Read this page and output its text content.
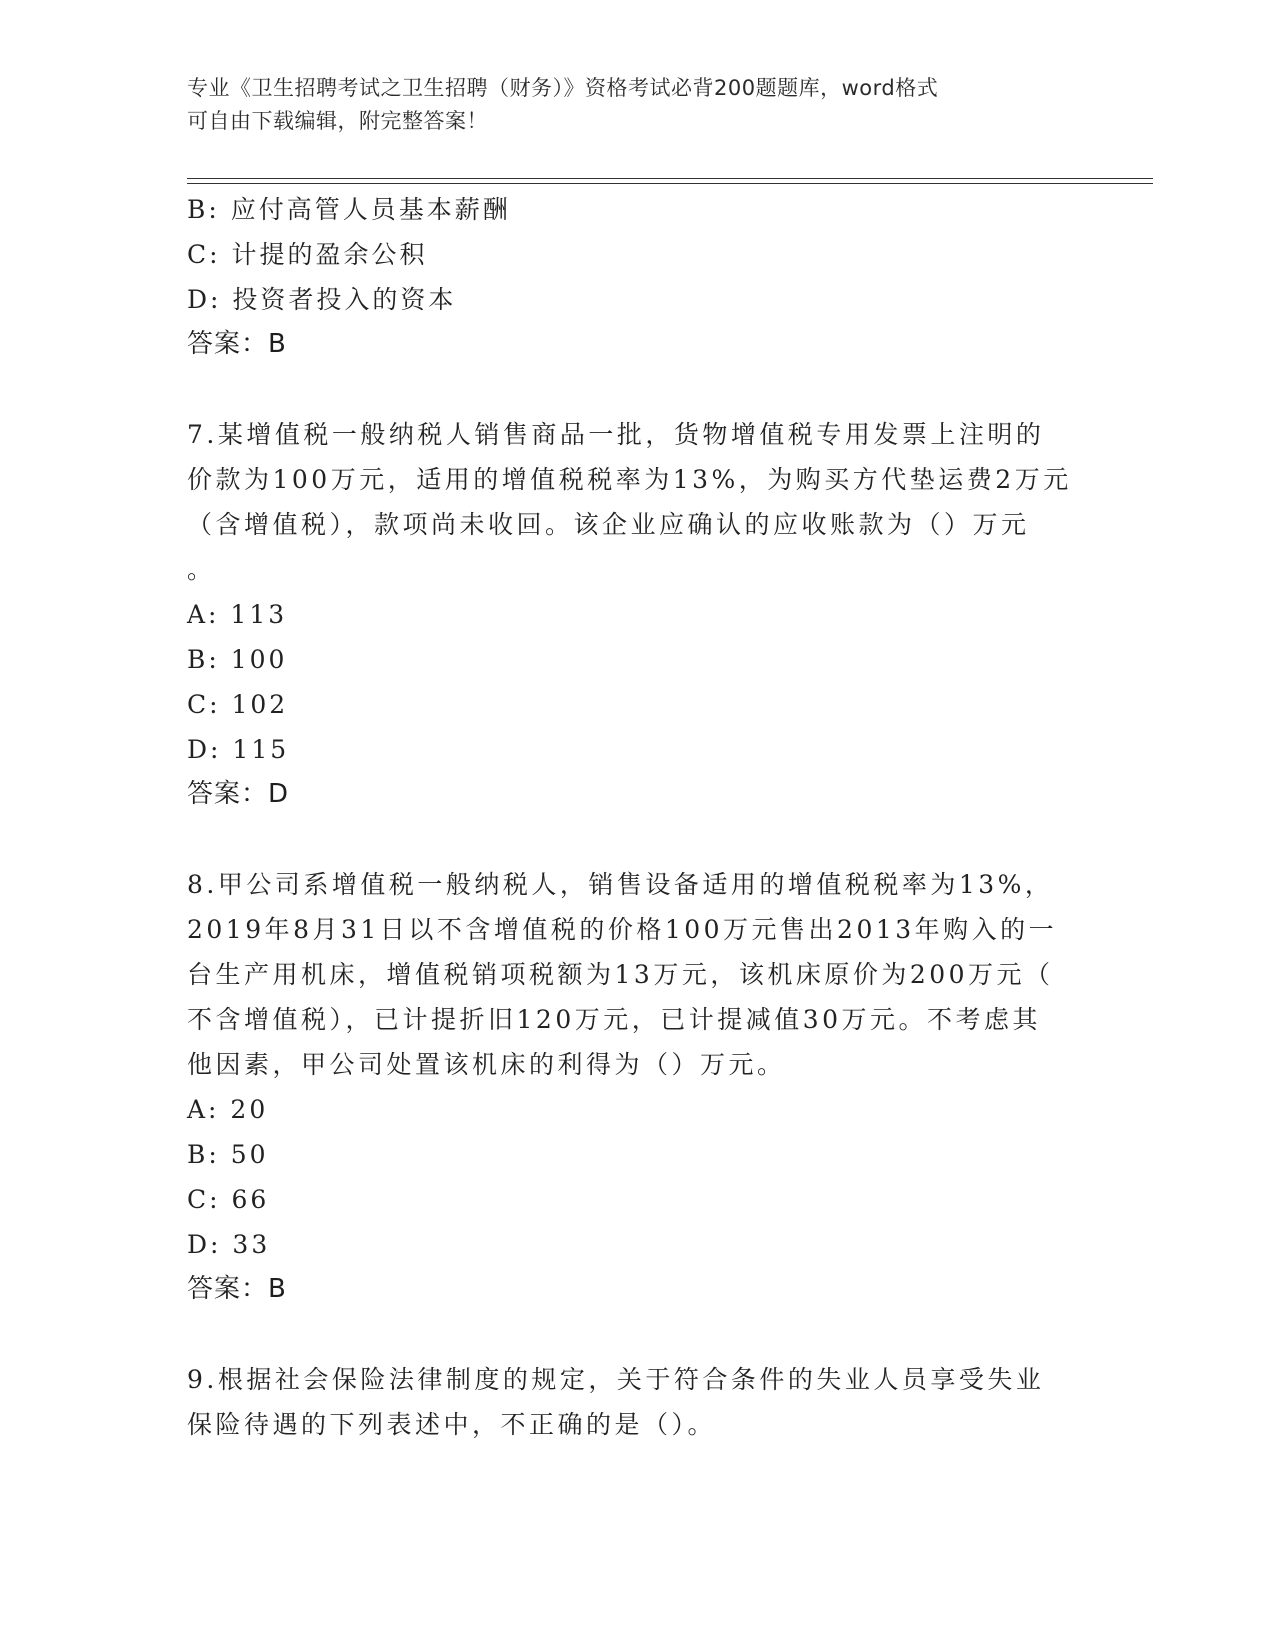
专业《卫生招聘考试之卫生招聘（财务）》资格考试必背200题题库，word格式
可自由下载编辑，附完整答案！
B: 应付高管人员基本薪酬
C: 计提的盈余公积
D: 投资者投入的资本
答案：B
7.某增值税一般纳税人销售商品一批，货物增值税专用发票上注明的
价款为100万元，适用的增值税税率为13%，为购买方代垫运费2万元
（含增值税），款项尚未收回。该企业应确认的应收账款为（）万元
。
A: 113
B: 100
C: 102
D: 115
答案：D
8.甲公司系增值税一般纳税人，销售设备适用的增值税税率为13%，
2019年8月31日以不含增值税的价格100万元售出2013年购入的一
台生产用机床，增值税销项税额为13万元，该机床原价为200万元（
不含增值税），已计提折旧120万元，已计提减值30万元。不考虑其
他因素，甲公司处置该机床的利得为（）万元。
A: 20
B: 50
C: 66
D: 33
答案：B
9.根据社会保险法律制度的规定，关于符合条件的失业人员享受失业
保险待遇的下列表述中，不正确的是（）。
